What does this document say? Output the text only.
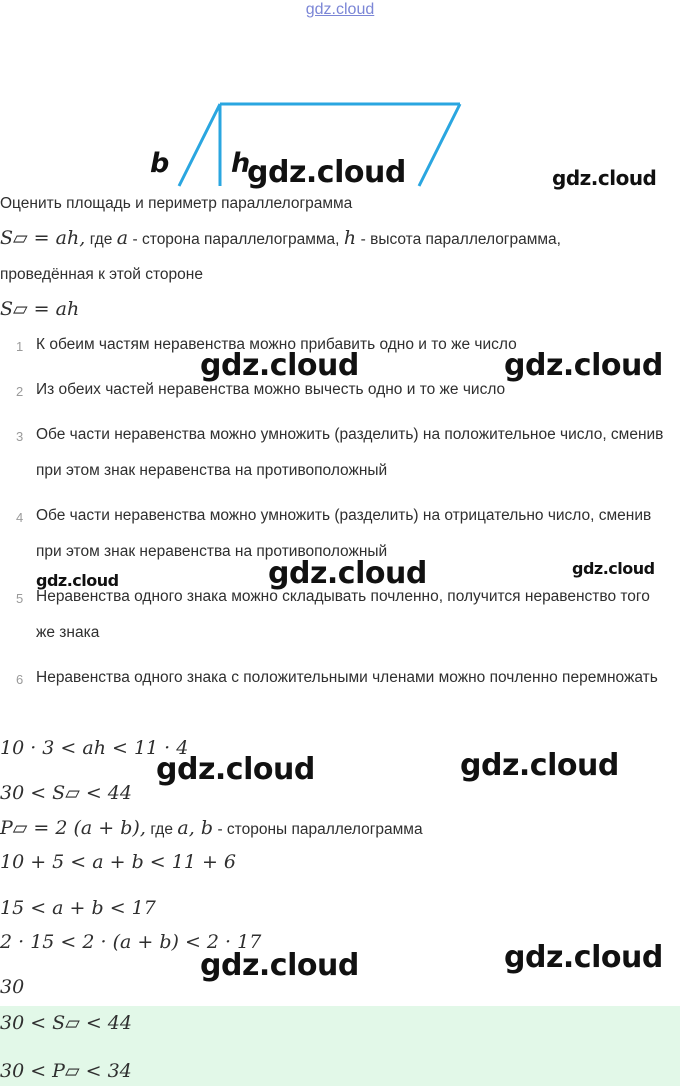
gdz.cloud
b h
gdz.cloud	gdz.cloud
gdz.cloud	gdz.cloud
gdz.cloud	gdz.cloud	gdz.cloud
gdz.cloud	gdz.cloud
gdz.cloud	gdz.cloud
Оценить площадь и периметр параллелограмма
S▱ = ah, где a - сторона параллелограмма, h - высота параллелограмма,
проведённая к этой стороне
S▱ = ah
1 К обеим частям неравенства можно прибавить одно и то же число
2 Из обеих частей неравенства можно вычесть одно и то же число
3 Обе части неравенства можно умножить (разделить) на положительное число, сменив при этом знак неравенства на противоположный
4 Обе части неравенства можно умножить (разделить) на отрицательно число, сменив при этом знак неравенства на противоположный
5 Неравенства одного знака можно складывать почленно, получится неравенство того же знака
6 Неравенства одного знака с положительными членами можно почленно перемножать
10 · 3 < ah < 11 · 4
30 < S▱ < 44
P▱ = 2 (a + b), где a, b - стороны параллелограмма
10 + 5 < a + b < 11 + 6
15 < a + b < 17
2 · 15 < 2 · (a + b) < 2 · 17
30
30 < S▱ < 44
30 < P▱ < 34
